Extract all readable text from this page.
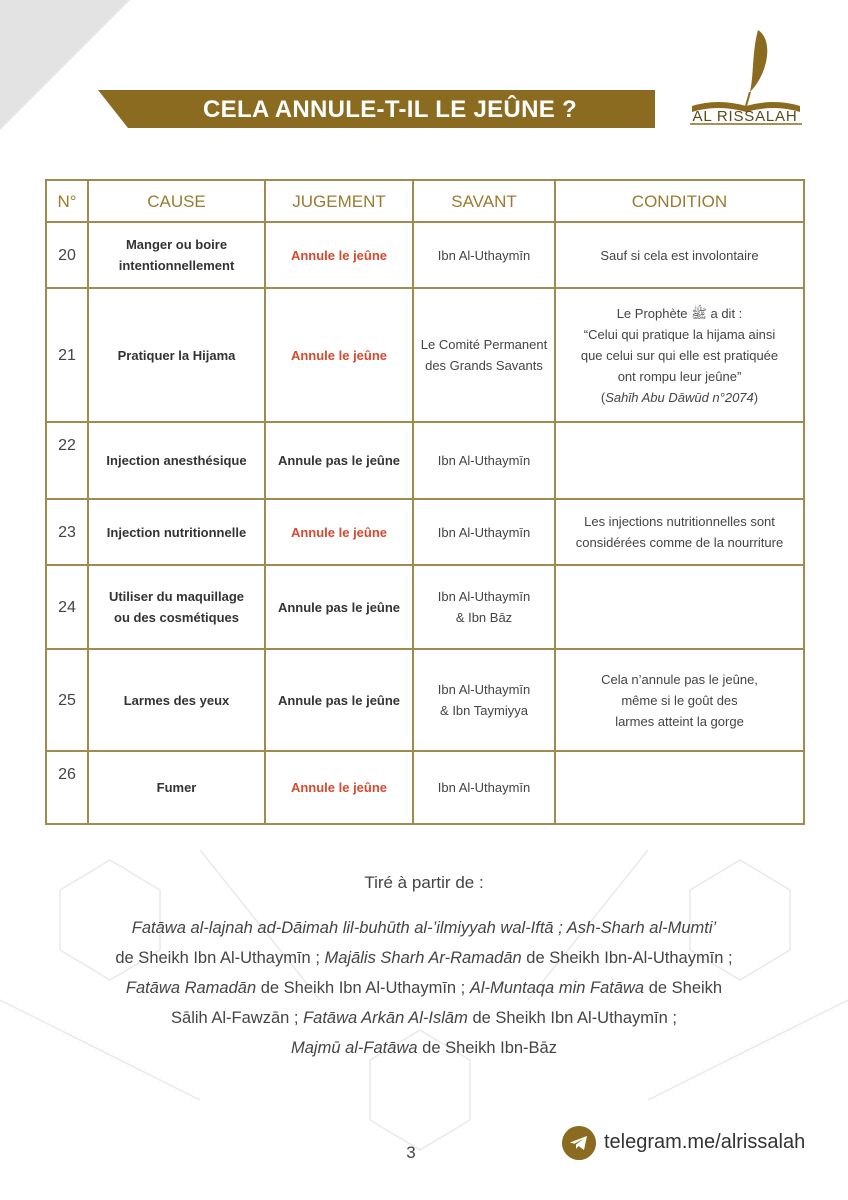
CELA ANNULE-T-IL LE JEÛNE ?	AL RISSALAH
N°	CAUSE	JUGEMENT	SAVANT	CONDITION
20	Manger ou boire
intentionnellement	Annule le jeûne	Ibn Al-Uthaymīn	Sauf si cela est involontaire
21	Pratiquer la Hijama	Annule le jeûne	Le Comité Permanent
des Grands Savants	Le Prophète ﷺ a dit :
“Celui qui pratique la hijama ainsi
que celui sur qui elle est pratiquée
ont rompu leur jeûne”
(Sahīh Abu Dāwūd n°2074)
22	Injection anesthésique	Annule pas le jeûne	Ibn Al-Uthaymīn	
23	Injection nutritionnelle	Annule le jeûne	Ibn Al-Uthaymīn	Les injections nutritionnelles sont
considérées comme de la nourriture
24	Utiliser du maquillage
ou des cosmétiques	Annule pas le jeûne	Ibn Al-Uthaymīn
& Ibn Bāz	
25	Larmes des yeux	Annule pas le jeûne	Ibn Al-Uthaymīn
& Ibn Taymiyya	Cela n’annule pas le jeûne,
même si le goût des
larmes atteint la gorge
26	Fumer	Annule le jeûne	Ibn Al-Uthaymīn	
Tiré à partir de :
Fatāwa al-lajnah ad-Dāimah lil-buhūth al-’ilmiyyah wal-Iftā ; Ash-Sharh al-Mumti’
de Sheikh Ibn Al-Uthaymīn ; Majālis Sharh Ar-Ramadān de Sheikh Ibn-Al-Uthaymīn ;
Fatāwa Ramadān de Sheikh Ibn Al-Uthaymīn ; Al-Muntaqa min Fatāwa de Sheikh
Sālih Al-Fawzān ; Fatāwa Arkān Al-Islām de Sheikh Ibn Al-Uthaymīn ;
Majmū al-Fatāwa de Sheikh Ibn-Bāz
3	telegram.me/alrissalah
